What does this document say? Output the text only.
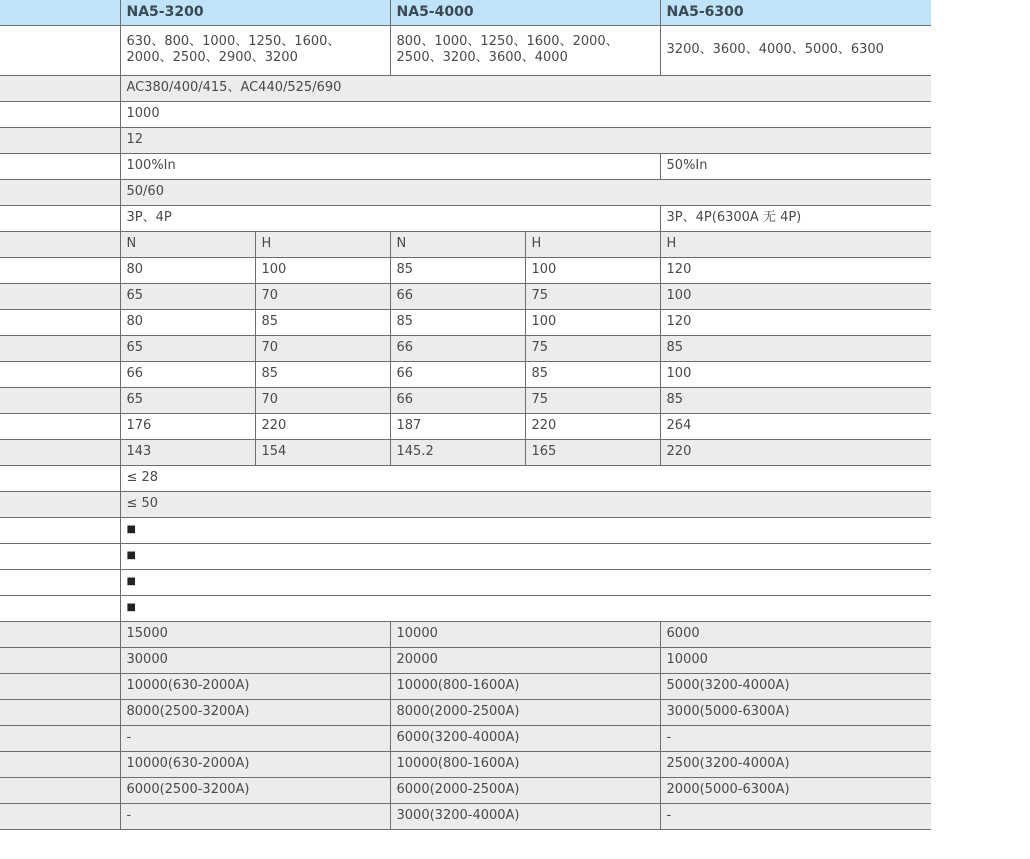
	NA5-3200		NA5-4000		NA5-6300

	630、800、1000、1250、1600、2000、2500、2900、3200		800、1000、1250、1600、2000、2500、3200、3600、4000		3200、3600、4000、5000、6300

	AC380/400/415、AC440/525/690				

	1000				

	12				

	100%In				50%In

	50/60				

	3P、4P				3P、4P(6300A 无 4P)

	N	H	N	H	H

	80	100	85	100	120

	65	70	66	75	100

	80	85	85	100	120

	65	70	66	75	85

	66	85	66	85	100

	65	70	66	75	85

	176	220	187	220	264

	143	154	145.2	165	220

	≤ 28				

	≤ 50				

	■				

	■				

	■				

	■				

	15000		10000		6000

	30000		20000		10000

	10000(630-2000A)		10000(800-1600A)		5000(3200-4000A)

	8000(2500-3200A)		8000(2000-2500A)		3000(5000-6300A)

	-		6000(3200-4000A)		-

	10000(630-2000A)		10000(800-1600A)		2500(3200-4000A)

	6000(2500-3200A)		6000(2000-2500A)		2000(5000-6300A)

	-		3000(3200-4000A)		-
